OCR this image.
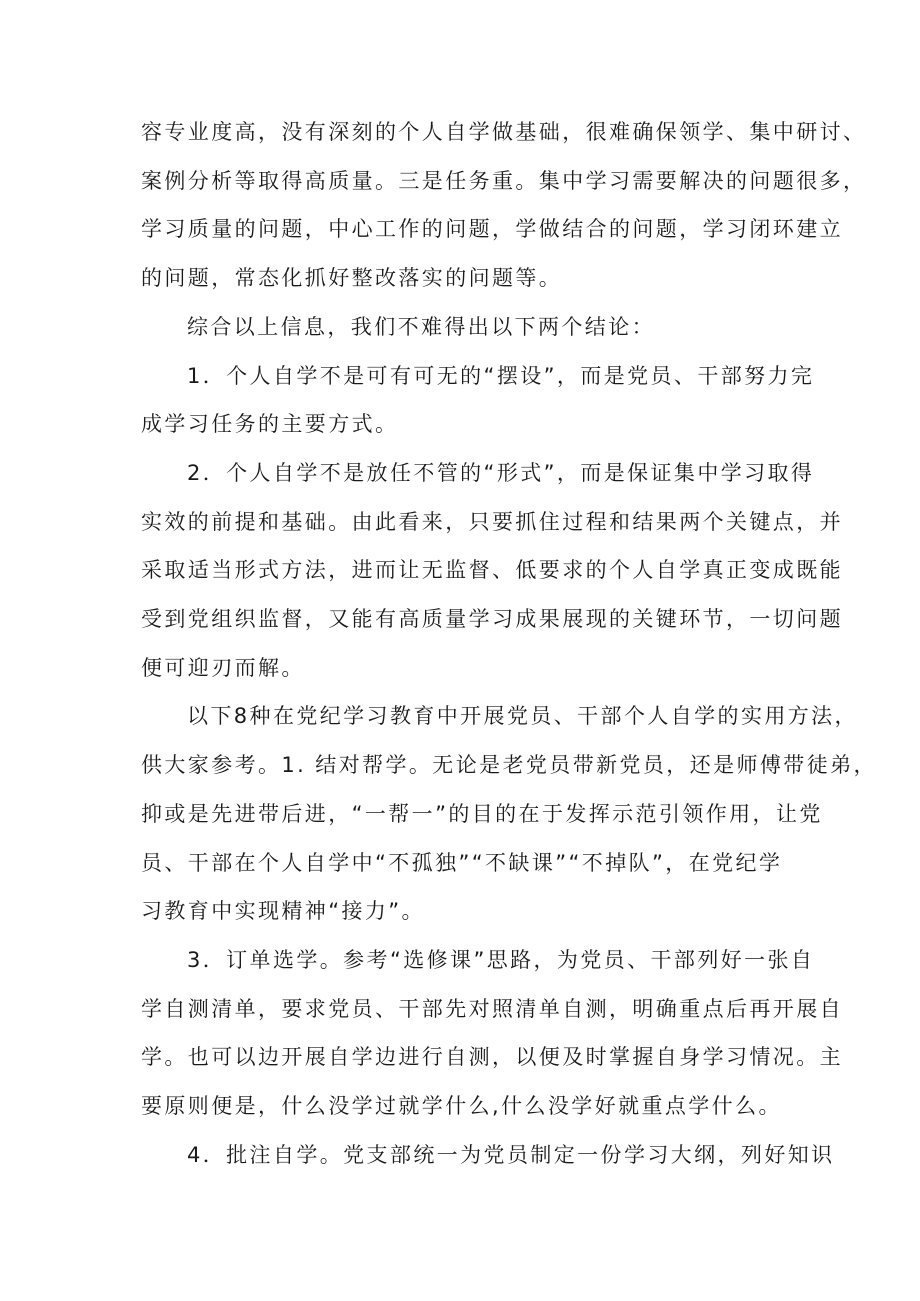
容专业度高，没有深刻的个人自学做基础，很难确保领学、集中研讨、
案例分析等取得高质量。三是任务重。集中学习需要解决的问题很多，
学习质量的问题，中心工作的问题，学做结合的问题，学习闭环建立
的问题，常态化抓好整改落实的问题等。

综合以上信息，我们不难得出以下两个结论：

1．个人自学不是可有可无的“摆设”，而是党员、干部努力完
成学习任务的主要方式。

2．个人自学不是放任不管的“形式”，而是保证集中学习取得
实效的前提和基础。由此看来，只要抓住过程和结果两个关键点，并
采取适当形式方法，进而让无监督、低要求的个人自学真正变成既能
受到党组织监督，又能有高质量学习成果展现的关键环节，一切问题
便可迎刃而解。

以下8种在党纪学习教育中开展党员、干部个人自学的实用方法，
供大家参考。1. 结对帮学。无论是老党员带新党员，还是师傅带徒弟，
抑或是先进带后进，“一帮一”的目的在于发挥示范引领作用，让党
员、干部在个人自学中“不孤独”“不缺课”“不掉队”，在党纪学
习教育中实现精神“接力”。

3．订单选学。参考“选修课”思路，为党员、干部列好一张自
学自测清单，要求党员、干部先对照清单自测，明确重点后再开展自
学。也可以边开展自学边进行自测，以便及时掌握自身学习情况。主
要原则便是，什么没学过就学什么,什么没学好就重点学什么。

4．批注自学。党支部统一为党员制定一份学习大纲，列好知识
